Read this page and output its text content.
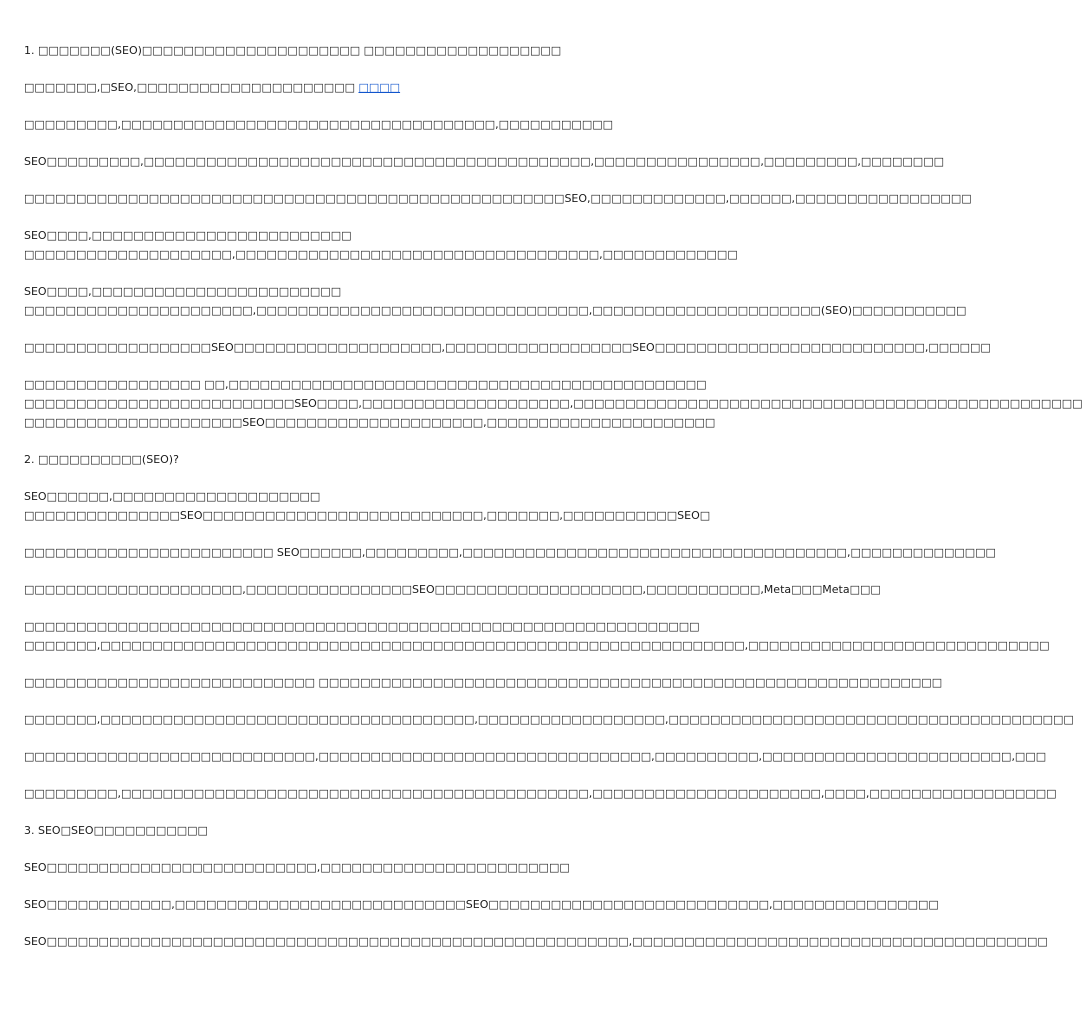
1. □□□□□□□(SEO)□□□□□□□□□□□□□□□□□□□□□ □□□□□□□□□□□□□□□□□□□
□□□□□□□,□SEO,□□□□□□□□□□□□□□□□□□□□□ □□□□
□□□□□□□□□,□□□□□□□□□□□□□□□□□□□□□□□□□□□□□□□□□□□□,□□□□□□□□□□□
SEO□□□□□□□□□,□□□□□□□□□□□□□□□□□□□□□□□□□□□□□□□□□□□□□□□□□□□,□□□□□□□□□□□□□□□□,□□□□□□□□□,□□□□□□□□
□□□□□□□□□□□□□□□□□□□□□□□□□□□□□□□□□□□□□□□□□□□□□□□□□□□□SEO,□□□□□□□□□□□□□,□□□□□□,□□□□□□□□□□□□□□□□□
SEO□□□□,□□□□□□□□□□□□□□□□□□□□□□□□□
□□□□□□□□□□□□□□□□□□□□,□□□□□□□□□□□□□□□□□□□□□□□□□□□□□□□□□□□,□□□□□□□□□□□□□
SEO□□□□,□□□□□□□□□□□□□□□□□□□□□□□□
□□□□□□□□□□□□□□□□□□□□□□,□□□□□□□□□□□□□□□□□□□□□□□□□□□□□□□□,□□□□□□□□□□□□□□□□□□□□□□(SEO)□□□□□□□□□□□
□□□□□□□□□□□□□□□□□□SEO□□□□□□□□□□□□□□□□□□□□,□□□□□□□□□□□□□□□□□□SEO□□□□□□□□□□□□□□□□□□□□□□□□□□,□□□□□□
□□□□□□□□□□□□□□□□□ □□,□□□□□□□□□□□□□□□□□□□□□□□□□□□□□□□□□□□□□□□□□□□□□□
□□□□□□□□□□□□□□□□□□□□□□□□□□SEO□□□□,□□□□□□□□□□□□□□□□□□□□,□□□□□□□□□□□□□□□□□□□□□□□□□□□□□□□□□□□□□□□□□□□□□□□□□
□□□□□□□□□□□□□□□□□□□□□SEO□□□□□□□□□□□□□□□□□□□□□,□□□□□□□□□□□□□□□□□□□□□□
2. □□□□□□□□□□(SEO)?
SEO□□□□□□,□□□□□□□□□□□□□□□□□□□□
□□□□□□□□□□□□□□□SEO□□□□□□□□□□□□□□□□□□□□□□□□□□□,□□□□□□□,□□□□□□□□□□□SEO□
□□□□□□□□□□□□□□□□□□□□□□□□ SEO□□□□□□,□□□□□□□□□,□□□□□□□□□□□□□□□□□□□□□□□□□□□□□□□□□□□□□,□□□□□□□□□□□□□□
□□□□□□□□□□□□□□□□□□□□□,□□□□□□□□□□□□□□□□SEO□□□□□□□□□□□□□□□□□□□□,□□□□□□□□□□□,Meta□□□Meta□□□
□□□□□□□□□□□□□□□□□□□□□□□□□□□□□□□□□□□□□□□□□□□□□□□□□□□□□□□□□□□□□□□□□
□□□□□□□,□□□□□□□□□□□□□□□□□□□□□□□□□□□□□□□□□□□□□□□□□□□□□□□□□□□□□□□□□□□□□□,□□□□□□□□□□□□□□□□□□□□□□□□□□□□□
□□□□□□□□□□□□□□□□□□□□□□□□□□□□ □□□□□□□□□□□□□□□□□□□□□□□□□□□□□□□□□□□□□□□□□□□□□□□□□□□□□□□□□□□□
□□□□□□□,□□□□□□□□□□□□□□□□□□□□□□□□□□□□□□□□□□□□,□□□□□□□□□□□□□□□□□□,□□□□□□□□□□□□□□□□□□□□□□□□□□□□□□□□□□□□□□□
□□□□□□□□□□□□□□□□□□□□□□□□□□□□,□□□□□□□□□□□□□□□□□□□□□□□□□□□□□□□□,□□□□□□□□□□,□□□□□□□□□□□□□□□□□□□□□□□□,□□□
□□□□□□□□□,□□□□□□□□□□□□□□□□□□□□□□□□□□□□□□□□□□□□□□□□□□□□□,□□□□□□□□□□□□□□□□□□□□□□,□□□□,□□□□□□□□□□□□□□□□□□
3. SEO□SEO□□□□□□□□□□□
SEO□□□□□□□□□□□□□□□□□□□□□□□□□□,□□□□□□□□□□□□□□□□□□□□□□□□
SEO□□□□□□□□□□□□,□□□□□□□□□□□□□□□□□□□□□□□□□□□□SEO□□□□□□□□□□□□□□□□□□□□□□□□□□□,□□□□□□□□□□□□□□□□
SEO□□□□□□□□□□□□□□□□□□□□□□□□□□□□□□□□□□□□□□□□□□□□□□□□□□□□□□□□,□□□□□□□□□□□□□□□□□□□□□□□□□□□□□□□□□□□□□□□□
